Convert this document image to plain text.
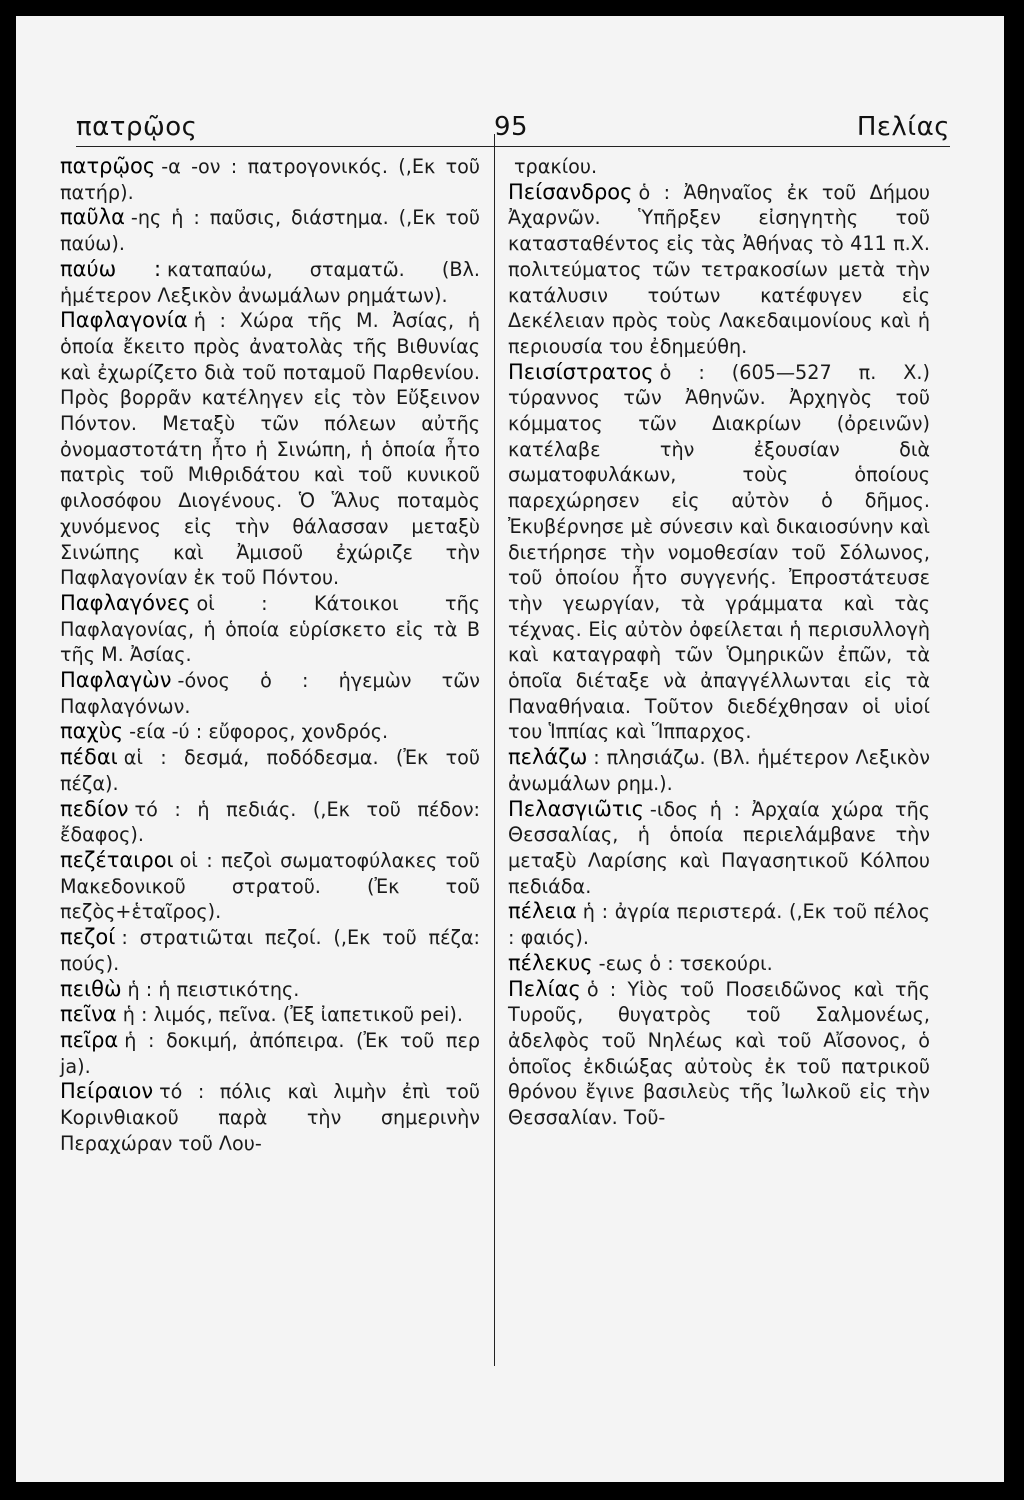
πατρῷος	95	Πελίας

πατρῷος -α -ον : πατρογονικός. (,Εκ τοῦ πατήρ).

παῦλα -ης ἡ : παῦσις, διάστημα. (,Εκ τοῦ παύω).

παύω : καταπαύω, σταματῶ. (Βλ. ἡμέτερον Λεξικὸν ἀνωμάλων ρημάτων).

Παφλαγονία ἡ : Χώρα τῆς Μ. Ἀσίας, ἡ ὁποία ἔκειτο πρὸς ἀνατολὰς τῆς Βιθυνίας καὶ ἐχωρίζετο διὰ τοῦ ποταμοῦ Παρθενίου. Πρὸς βορρᾶν κατέληγεν εἰς τὸν Εὔξεινον Πόντον. Μεταξὺ τῶν πόλεων αὐτῆς ὀνομαστοτάτη ἦτο ἡ Σινώπη, ἡ ὁποία ἦτο πατρὶς τοῦ Μιθριδάτου καὶ τοῦ κυνικοῦ φιλοσόφου Διογένους. Ὁ Ἅλυς ποταμὸς χυνόμενος εἰς τὴν θάλασσαν μεταξὺ Σινώπης καὶ Ἀμισοῦ ἐχώριζε τὴν Παφλαγονίαν ἐκ τοῦ Πόντου.

Παφλαγόνες οἱ : Κάτοικοι τῆς Παφλαγονίας, ἡ ὁποία εὑρίσκετο εἰς τὰ Β τῆς Μ. Ἀσίας.

Παφλαγὼν -όνος ὁ : ἡγεμὼν τῶν Παφλαγόνων.

παχὺς -εία -ύ : εὔφορος, χονδρός.

πέδαι αἱ : δεσμά, ποδόδεσμα. (Ἐκ τοῦ πέζα).

πεδίον τό : ἡ πεδιάς. (,Εκ τοῦ πέδον: ἔδαφος).

πεζέταιροι οἱ : πεζοὶ σωματοφύλακες τοῦ Μακεδονικοῦ στρατοῦ. (Ἐκ τοῦ πεζὸς+ἑταῖρος).

πεζοί : στρατιῶται πεζοί. (,Εκ τοῦ πέζα: πούς).

πειθὼ ἡ : ἡ πειστικότης.

πεῖνα ἡ : λιμός, πεῖνα. (Ἐξ ἰαπετικοῦ pei).

πεῖρα ἡ : δοκιμή, ἀπόπειρα. (Ἐκ τοῦ περ ja).

Πείραιον τό : πόλις καὶ λιμὴν ἐπὶ τοῦ Κορινθιακοῦ παρὰ τὴν σημερινὴν Περαχώραν τοῦ Λου-

τρακίου.

Πείσανδρος ὁ : Ἀθηναῖος ἐκ τοῦ Δήμου Ἀχαρνῶν. Ὑπῆρξεν εἰσηγητὴς τοῦ κατασταθέντος εἰς τὰς Ἀθήνας τὸ 411 π.Χ. πολιτεύματος τῶν τετρακοσίων μετὰ τὴν κατάλυσιν τούτων κατέφυγεν εἰς Δεκέλειαν πρὸς τοὺς Λακεδαιμονίους καὶ ἡ περιουσία του ἐδημεύθη.

Πεισίστρατος ὁ : (605—527 π. Χ.) τύραννος τῶν Ἀθηνῶν. Ἀρχηγὸς τοῦ κόμματος τῶν Διακρίων (ὀρεινῶν) κατέλαβε τὴν ἐξουσίαν διὰ σωματοφυλάκων, τοὺς ὁποίους παρεχώρησεν εἰς αὐτὸν ὁ δῆμος. Ἐκυβέρνησε μὲ σύνεσιν καὶ δικαιοσύνην καὶ διετήρησε τὴν νομοθεσίαν τοῦ Σόλωνος, τοῦ ὁποίου ἦτο συγγενής. Ἐπροστάτευσε τὴν γεωργίαν, τὰ γράμματα καὶ τὰς τέχνας. Εἰς αὐτὸν ὀφείλεται ἡ περισυλλογὴ καὶ καταγραφὴ τῶν Ὁμηρικῶν ἐπῶν, τὰ ὁποῖα διέταξε νὰ ἀπαγγέλλωνται εἰς τὰ Παναθήναια. Τοῦτον διεδέχθησαν οἱ υἱοί του Ἱππίας καὶ Ἵππαρχος.

πελάζω : πλησιάζω. (Βλ. ἡμέτερον Λεξικὸν ἀνωμάλων ρημ.).

Πελασγιῶτις -ιδος ἡ : Ἀρχαία χώρα τῆς Θεσσαλίας, ἡ ὁποία περιελάμβανε τὴν μεταξὺ Λαρίσης καὶ Παγασητικοῦ Κόλπου πεδιάδα.

πέλεια ἡ : ἀγρία περιστερά. (,Εκ τοῦ πέλος : φαιός).

πέλεκυς -εως ὁ : τσεκούρι.

Πελίας ὁ : Υἱὸς τοῦ Ποσειδῶνος καὶ τῆς Τυροῦς, θυγατρὸς τοῦ Σαλμονέως, ἀδελφὸς τοῦ Νηλέως καὶ τοῦ Αἴσονος, ὁ ὁποῖος ἐκδιώξας αὐτοὺς ἐκ τοῦ πατρικοῦ θρόνου ἔγινε βασιλεὺς τῆς Ἰωλκοῦ εἰς τὴν Θεσσαλίαν. Τοῦ-
